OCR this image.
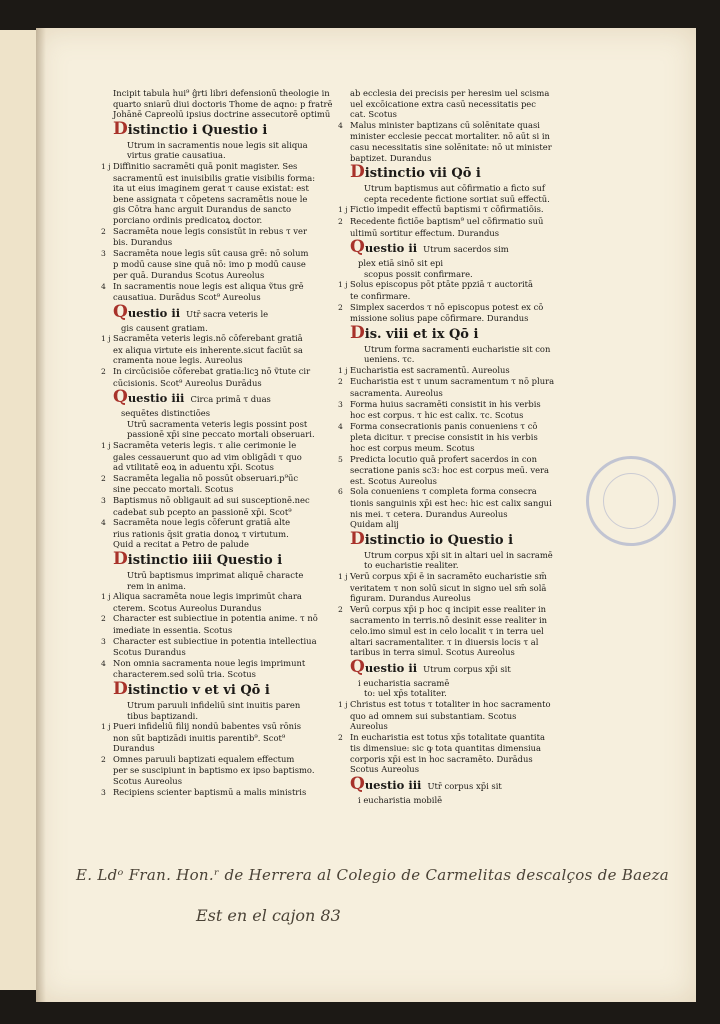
Incipit tabula hui⁹ ĝrti libri defensionū theologie in
quarto sniarū diui doctoris Thome de aqno: p fratrē
Johānē Capreolū ipsius doctrine assecutorē optimū
Distinctio i Questio i
Utrum in sacramentis noue legis sit aliqua
virtus gratie causatiua.
1 j Diffinitio sacramēti quā ponit magister. Ses
sacramentū est inuisibilis gratie visibilis forma:
ita ut eius imaginem gerat τ cause existat: est
bene assignata τ cōpetens sacramētis noue le
gis Cōtra hanc arguit Durandus de sancto
porciano ordinis predicatoꝝ doctor.
2 Sacramēta noue legis consistūt in rebus τ ver
bis. Durandus
3 Sacramēta noue legis sūt causa grē: nō solum
p modū cause sine quā nō: imo p modū cause
per quā. Durandus Scotus Aureolus
4 In sacramentis noue legis est aliqua ṽtus grē
causatiua. Durādus Scot⁹ Aureolus
Questio ii Utr̄ sacra veteris le
gis causent gratiam.
1 j Sacramēta veteris legis.nō cōferebant gratiā
ex aliqua virtute eis inherente.sicut faciūt sa
cramenta noue legis. Aureolus
2 In circūcisiōe cōferebat gratia:licꝫ nō ṽtute cir
cūcisionis. Scot⁹ Aureolus Durādus
Questio iii Circa primā τ duas
sequētes distinctiōes
Utrū sacramenta veteris legis possint post
passionē xp̄i sine peccato mortali obseruari.
1 j Sacramēta veteris legis. τ alie cerimonie le
gales cessauerunt quo ad vim obligādi τ quo
ad vtilitatē eoꝝ in aduentu xp̄i. Scotus
2 Sacramēta legalia nō possūt obseruari.p⁹ūc
sine peccato mortali. Scotus
3 Baptismus nō obligauit ad sui susceptionē.nec
cadebat sub pcepto an passionē xp̄i. Scot⁹
4 Sacramēta noue legis cōferunt gratiā alte
rius rationis q̄sit gratia donoꝝ τ virtutum.
Quid a recitat a Petro de palude
Distinctio iiii Questio i
Utrū baptismus imprimat aliquē characte
rem in anima.
1 j Aliqua sacramēta noue legis imprimūt chara
cterem. Scotus Aureolus Durandus
2 Character est subiectiue in potentia anime. τ nō
imediate in essentia. Scotus
3 Character est subiectiue in potentia intellectiua
Scotus Durandus
4 Non omnia sacramenta noue legis imprimunt
characterem.sed solū tria. Scotus
Distinctio v et vi Qō i
Utrum paruuli infideliū sint inuitis paren
tibus baptizandi.
1 j Pueri infideliū filij nondū babentes vsū rōnis
non sūt baptizādi inuitis parentib⁹. Scot⁹
Durandus
2 Omnes paruuli baptizati equalem effectum
per se suscipiunt in baptismo ex ipso baptismo.
Scotus Aureolus
3 Recipiens scienter baptismū a malis ministris
ab ecclesia dei precisis per heresim uel scisma
uel excōicatione extra casū necessitatis pec
cat. Scotus
4 Malus minister baptizans cū solēnitate quasi
minister ecclesie peccat mortaliter. nō aūt si in
casu necessitatis sine solēnitate: nō ut minister
baptizet. Durandus
Distinctio vii Qō i
Utrum baptismus aut cōfirmatio a ficto suf
cepta recedente fictione sortiat suū effectū.
1 j Fictio impedit effectū baptismi τ cōfirmatiōis.
2 Recedente fictiōe baptism⁹ uel cōfirmatio suū
ultimū sortitur effectum. Durandus
Questio ii Utrum sacerdos sim
plex etiā sinō sit epi
scopus possit confirmare.
1 j Solus episcopus pōt ptāte ppziā τ auctoritā
te confirmare.
2 Simplex sacerdos τ nō episcopus potest ex cō
missione solius pape cōfirmare. Durandus
Dis. viii et ix Qō i
Utrum forma sacramenti eucharistie sit con
ueniens. τc.
1 j Eucharistia est sacramentū. Aureolus
2 Eucharistia est τ unum sacramentum τ nō plura
sacramenta. Aureolus
3 Forma huius sacramēti consistit in his verbis
hoc est corpus. τ hic est calix. τc. Scotus
4 Forma consecrationis panis conueniens τ cō
pleta dicitur. τ precise consistit in his verbis
hoc est corpus meum. Scotus
5 Predicta locutio quā profert sacerdos in con
secratione panis sc3: hoc est corpus meū. vera
est. Scotus Aureolus
6 Sola conueniens τ completa forma consecra
tionis sanguinis xp̄i est hec: hic est calix sangui
nis mei. τ cetera. Durandus Aureolus
Quidam alij
Distinctio io Questio i
Utrum corpus xp̄i sit in altari uel in sacramē
to eucharistie realiter.
1 j Verū corpus xp̄i ē in sacramēto eucharistie sm̄
veritatem τ non solū sicut in signo uel sm̄ solā
figuram. Durandus Aureolus
2 Verū corpus xp̄i p hoc q incipit esse realiter in
sacramento in terris.nō desinit esse realiter in
celo.imo simul est in celo localit τ in terra uel
altari sacramentaliter. τ in diuersis locis τ al
taribus in terra simul. Scotus Aureolus
Questio ii Utrum corpus xp̄i sit
i eucharistia sacramē
to: uel xp̄s totaliter.
1 j Christus est totus τ totaliter in hoc sacramento
quo ad omnem sui substantiam. Scotus
Aureolus
2 In eucharistia est totus xp̄s totalitate quantita
tis dimensiue: sic ꝙ tota quantitas dimensiua
corporis xp̄i est in hoc sacramēto. Durādus
Scotus Aureolus
Questio iii Utr̄ corpus xp̄i sit
i eucharistia mobilē
E. Ldᵒ Fran. Hon.ʳ de Herrera al Colegio de Carmelitas descalços de Baeza
Est en el cajon 83
